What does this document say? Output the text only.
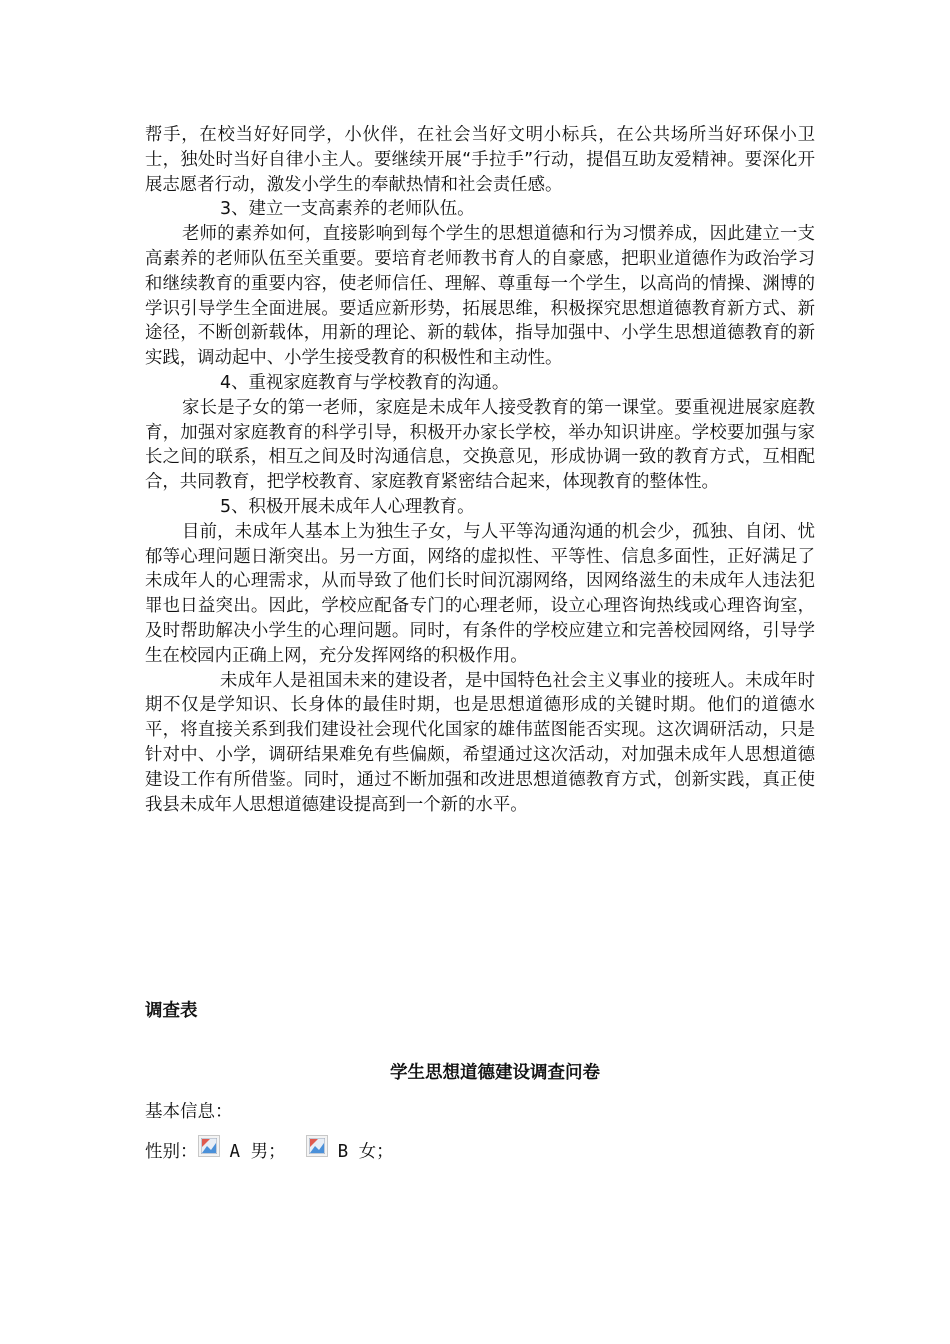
帮手，在校当好好同学，小伙伴，在社会当好文明小标兵，在公共场所当好环保小卫士，独处时当好自律小主人。要继续开展“手拉手”行动，提倡互助友爱精神。要深化开展志愿者行动，激发小学生的奉献热情和社会责任感。

3、建立一支高素养的老师队伍。

老师的素养如何，直接影响到每个学生的思想道德和行为习惯养成，因此建立一支高素养的老师队伍至关重要。要培育老师教书育人的自豪感，把职业道德作为政治学习和继续教育的重要内容，使老师信任、理解、尊重每一个学生，以高尚的情操、渊博的学识引导学生全面进展。要适应新形势，拓展思维，积极探究思想道德教育新方式、新途径，不断创新载体，用新的理论、新的载体，指导加强中、小学生思想道德教育的新实践，调动起中、小学生接受教育的积极性和主动性。

4、重视家庭教育与学校教育的沟通。

家长是子女的第一老师，家庭是未成年人接受教育的第一课堂。要重视进展家庭教育，加强对家庭教育的科学引导，积极开办家长学校，举办知识讲座。学校要加强与家长之间的联系，相互之间及时沟通信息，交换意见，形成协调一致的教育方式，互相配合，共同教育，把学校教育、家庭教育紧密结合起来，体现教育的整体性。

5、积极开展未成年人心理教育。

目前，未成年人基本上为独生子女，与人平等沟通沟通的机会少，孤独、自闭、忧郁等心理问题日渐突出。另一方面，网络的虚拟性、平等性、信息多面性，正好满足了未成年人的心理需求，从而导致了他们长时间沉溺网络，因网络滋生的未成年人违法犯罪也日益突出。因此，学校应配备专门的心理老师，设立心理咨询热线或心理咨询室，及时帮助解决小学生的心理问题。同时，有条件的学校应建立和完善校园网络，引导学生在校园内正确上网，充分发挥网络的积极作用。

未成年人是祖国未来的建设者，是中国特色社会主义事业的接班人。未成年时期不仅是学知识、长身体的最佳时期，也是思想道德形成的关键时期。他们的道德水平，将直接关系到我们建设社会现代化国家的雄伟蓝图能否实现。这次调研活动，只是针对中、小学，调研结果难免有些偏颇，希望通过这次活动，对加强未成年人思想道德建设工作有所借鉴。同时，通过不断加强和改进思想道德教育方式，创新实践，真正使我县未成年人思想道德建设提高到一个新的水平。

调查表
学生思想道德建设调查问卷
基本信息：
性别： A 男；	B 女；
